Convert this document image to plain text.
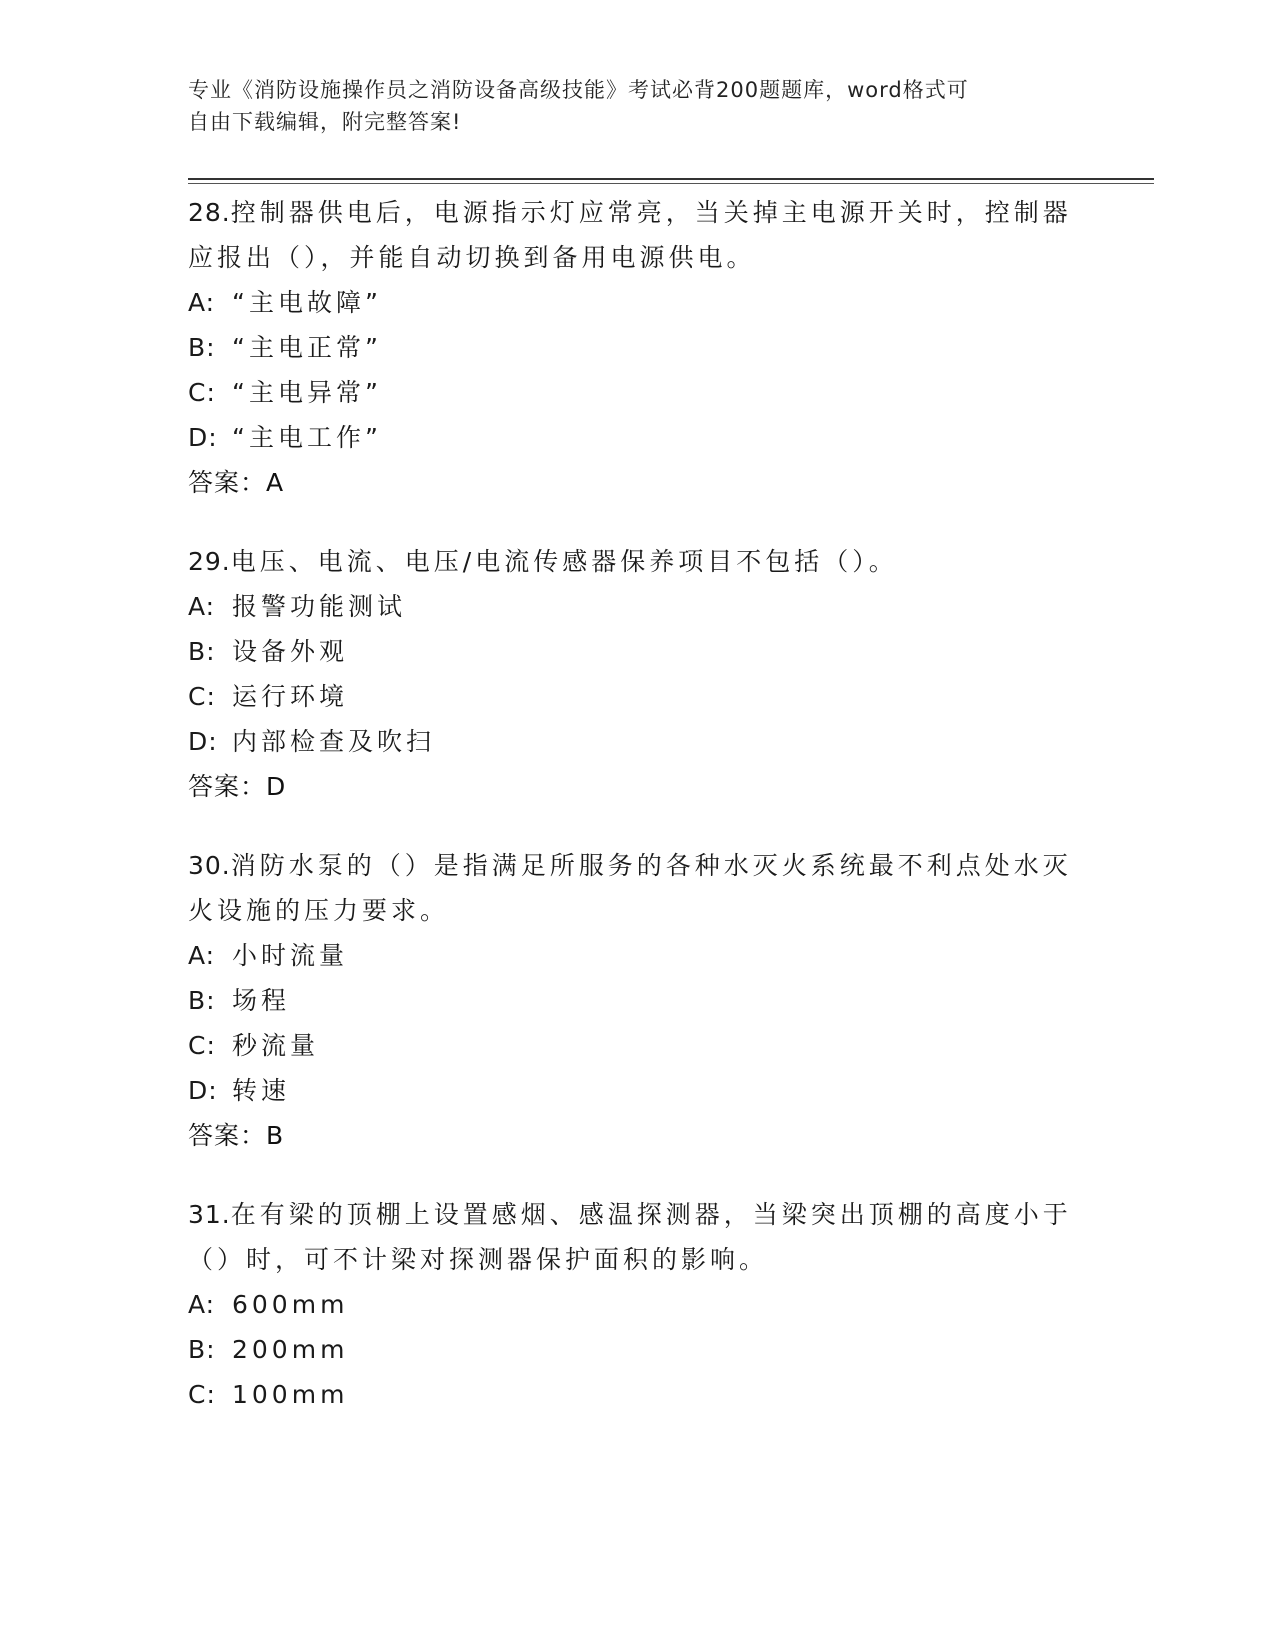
专业《消防设施操作员之消防设备高级技能》考试必背200题题库，word格式可
自由下载编辑，附完整答案!
28.控制器供电后，电源指示灯应常亮，当关掉主电源开关时，控制器应报出（），并能自动切换到备用电源供电。
A: “主电故障”
B: “主电正常”
C: “主电异常”
D: “主电工作”
答案：A
29.电压、电流、电压/电流传感器保养项目不包括（）。
A: 报警功能测试
B: 设备外观
C: 运行环境
D: 内部检查及吹扫
答案：D
30.消防水泵的（）是指满足所服务的各种水灭火系统最不利点处水灭火设施的压力要求。
A: 小时流量
B: 场程
C: 秒流量
D: 转速
答案：B
31.在有梁的顶棚上设置感烟、感温探测器，当梁突出顶棚的高度小于（）时，可不计梁对探测器保护面积的影响。
A: 600mm
B: 200mm
C: 100mm
